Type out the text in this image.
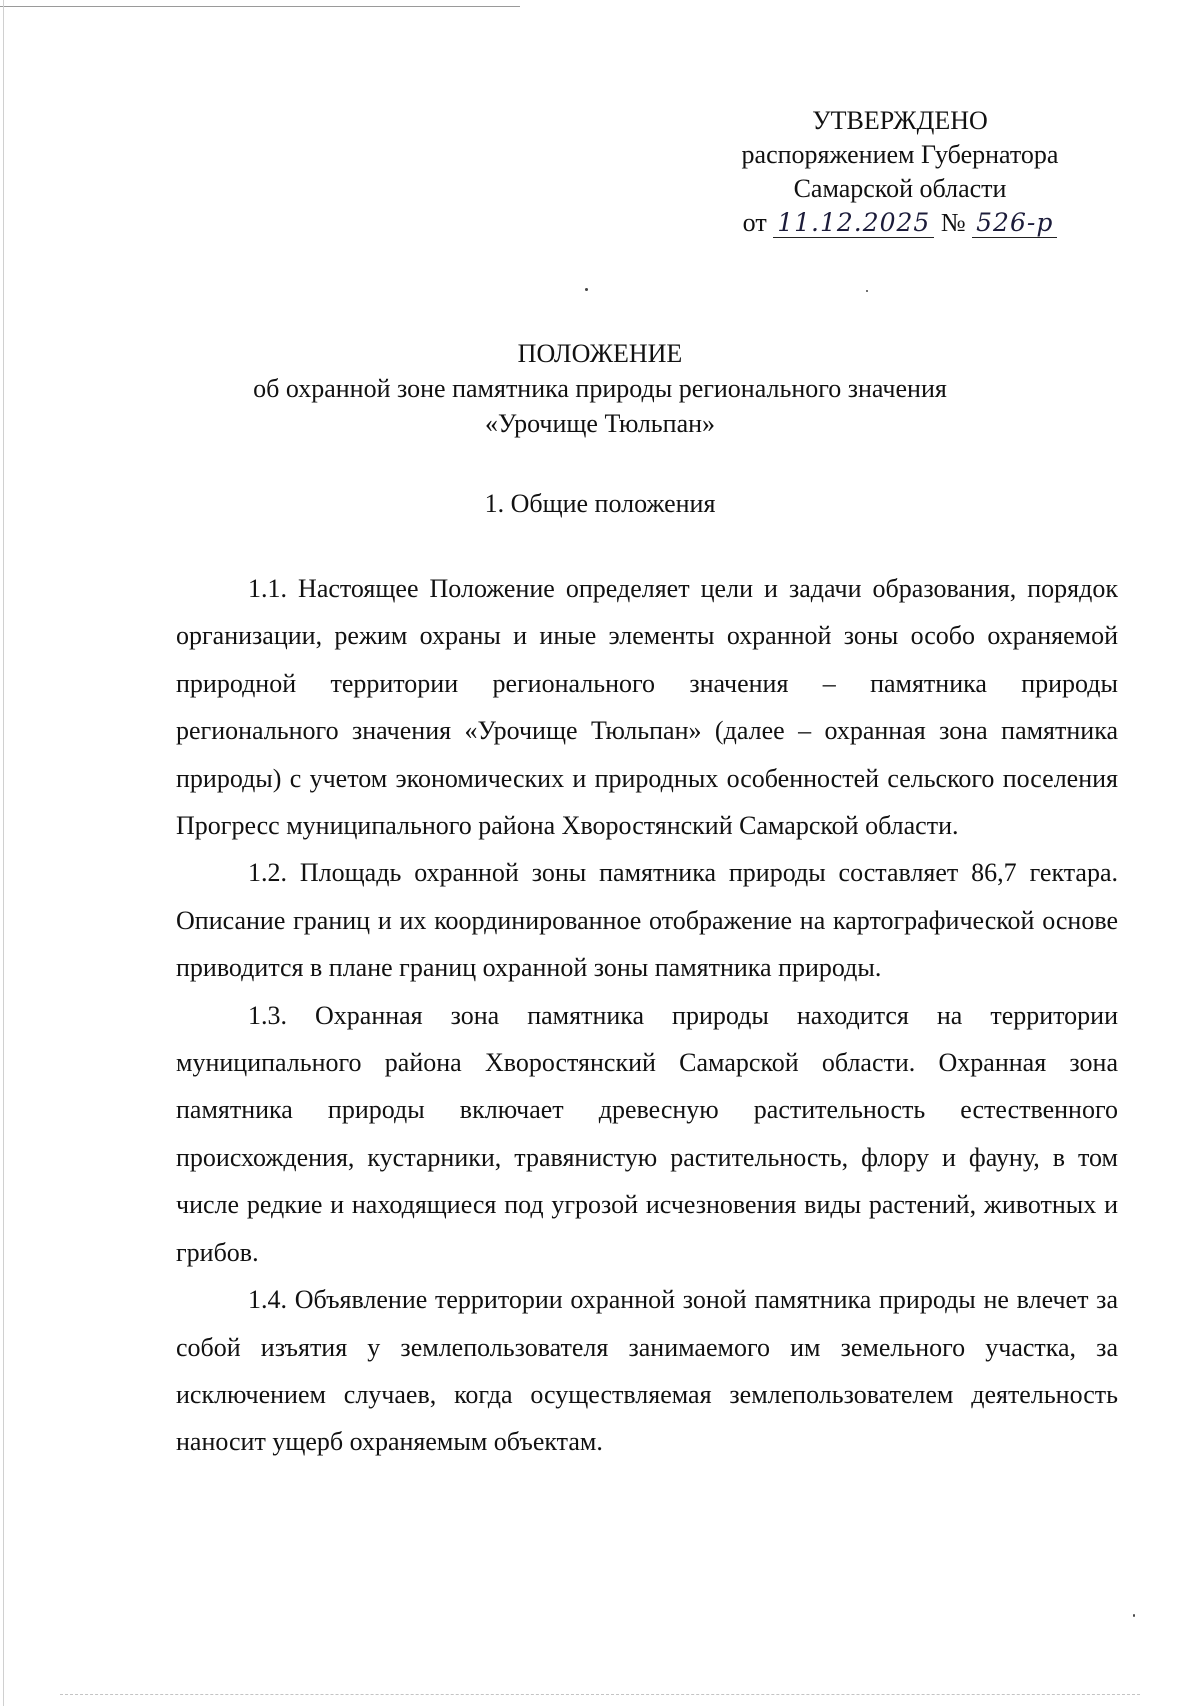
УТВЕРЖДЕНО
распоряжением Губернатора
Самарской области
от 11.12.2025 № 526-р
ПОЛОЖЕНИЕ
об охранной зоне памятника природы регионального значения
«Урочище Тюльпан»
1. Общие положения

1.1. Настоящее Положение определяет цели и задачи образования, порядок организации, режим охраны и иные элементы охранной зоны особо охраняемой природной территории регионального значения – памятника природы регионального значения «Урочище Тюльпан» (далее – охранная зона памятника природы) с учетом экономических и природных особенностей сельского поселения Прогресс муниципального района Хворостянский Самарской области.

1.2. Площадь охранной зоны памятника природы составляет 86,7 гектара. Описание границ и их координированное отображение на картографической основе приводится в плане границ охранной зоны памятника природы.

1.3. Охранная зона памятника природы находится на территории муниципального района Хворостянский Самарской области. Охранная зона памятника природы включает древесную растительность естественного происхождения, кустарники, травянистую растительность, флору и фауну, в том числе редкие и находящиеся под угрозой исчезновения виды растений, животных и грибов.

1.4. Объявление территории охранной зоной памятника природы не влечет за собой изъятия у землепользователя занимаемого им земельного участка, за исключением случаев, когда осуществляемая землепользователем деятельность наносит ущерб охраняемым объектам.
